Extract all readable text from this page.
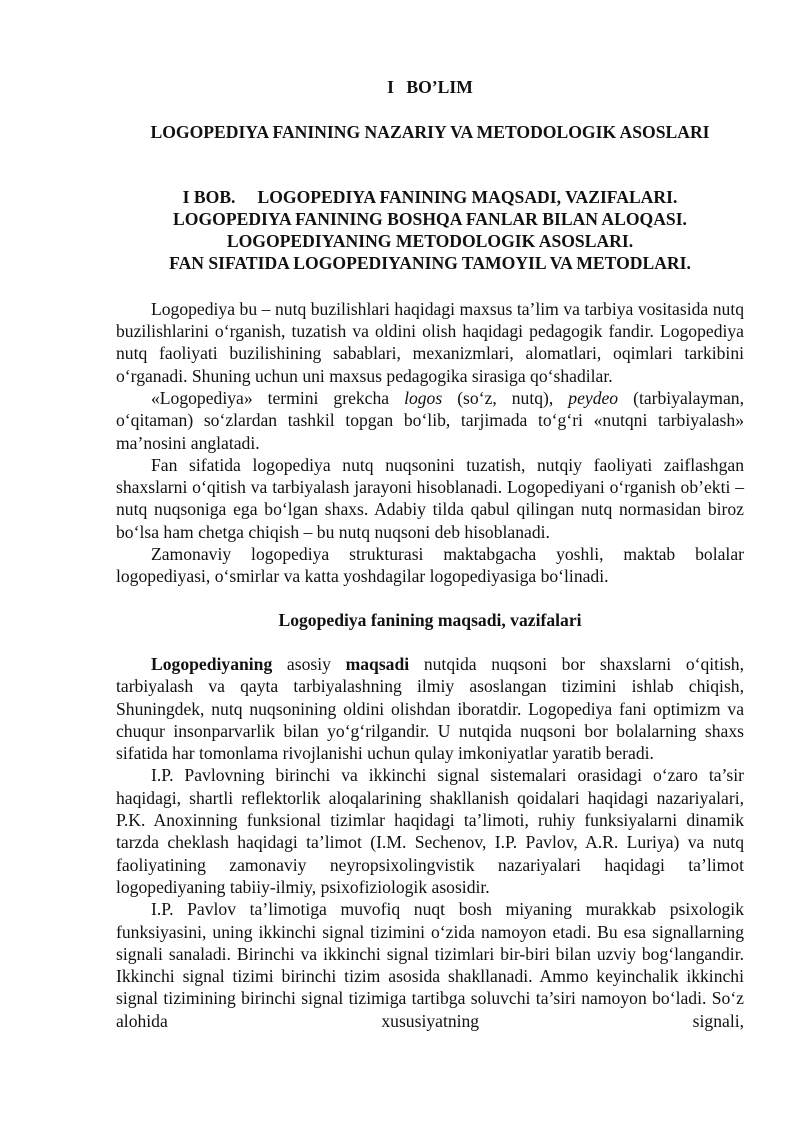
I BO’LIM
LOGOPEDIYA FANINING NAZARIY VA METODOLOGIK ASOSLARI
I BOB. LOGOPEDIYA FANINING MAQSADI, VAZIFALARI.
LOGOPEDIYA FANINING BOSHQA FANLAR BILAN ALOQASI.
LOGOPEDIYANING METODOLOGIK ASOSLARI.
FAN SIFATIDA LOGOPEDIYANING TAMOYIL VA METODLARI.

Logopediya bu – nutq buzilishlari haqidagi maxsus ta’lim va tarbiya vositasida nutq buzilishlarini o‘rganish, tuzatish va oldini olish haqidagi pedagogik fandir. Logopediya nutq faoliyati buzilishining sabablari, mexanizmlari, alomatlari, oqimlari tarkibini o‘rganadi. Shuning uchun uni maxsus pedagogika sirasiga qo‘shadilar.

«Logopediya» termini grekcha logos (so‘z, nutq), peydeo (tarbiyalayman, o‘qitaman) so‘zlardan tashkil topgan bo‘lib, tarjimada to‘g‘ri «nutqni tarbiyalash» ma’nosini anglatadi.

Fan sifatida logopediya nutq nuqsonini tuzatish, nutqiy faoliyati zaiflashgan shaxslarni o‘qitish va tarbiyalash jarayoni hisoblanadi. Logopediyani o‘rganish ob’ekti – nutq nuqsoniga ega bo‘lgan shaxs. Adabiy tilda qabul qilingan nutq normasidan biroz bo‘lsa ham chetga chiqish – bu nutq nuqsoni deb hisoblanadi.

Zamonaviy logopediya strukturasi maktabgacha yoshli, maktab bolalar logopediyasi, o‘smirlar va katta yoshdagilar logopediyasiga bo‘linadi.

Logopediya fanining maqsadi, vazifalari

Logopediyaning asosiy maqsadi nutqida nuqsoni bor shaxslarni o‘qitish, tarbiyalash va qayta tarbiyalashning ilmiy asoslangan tizimini ishlab chiqish, Shuningdek, nutq nuqsonining oldini olishdan iboratdir. Logopediya fani optimizm va chuqur insonparvarlik bilan yo‘g‘rilgandir. U nutqida nuqsoni bor bolalarning shaxs sifatida har tomonlama rivojlanishi uchun qulay imkoniyatlar yaratib beradi.

I.P. Pavlovning birinchi va ikkinchi signal sistemalari orasidagi o‘zaro ta’sir haqidagi, shartli reflektorlik aloqalarining shakllanish qoidalari haqidagi nazariyalari, P.K. Anoxinning funksional tizimlar haqidagi ta’limoti, ruhiy funksiyalarni dinamik tarzda cheklash haqidagi ta’limot (I.M. Sechenov, I.P. Pavlov, A.R. Luriya) va nutq faoliyatining zamonaviy neyropsixolingvistik nazariyalari haqidagi ta’limot logopediyaning tabiiy-ilmiy, psixofiziologik asosidir.

I.P. Pavlov ta’limotiga muvofiq nuqt bosh miyaning murakkab psixologik funksiyasini, uning ikkinchi signal tizimini o‘zida namoyon etadi. Bu esa signallarning signali sanaladi. Birinchi va ikkinchi signal tizimlari bir-biri bilan uzviy bog‘langandir. Ikkinchi signal tizimi birinchi tizim asosida shakllanadi. Ammo keyinchalik ikkinchi signal tizimining birinchi signal tizimiga tartibga soluvchi ta’siri namoyon bo‘ladi. So‘z alohida xususiyatning signali,
